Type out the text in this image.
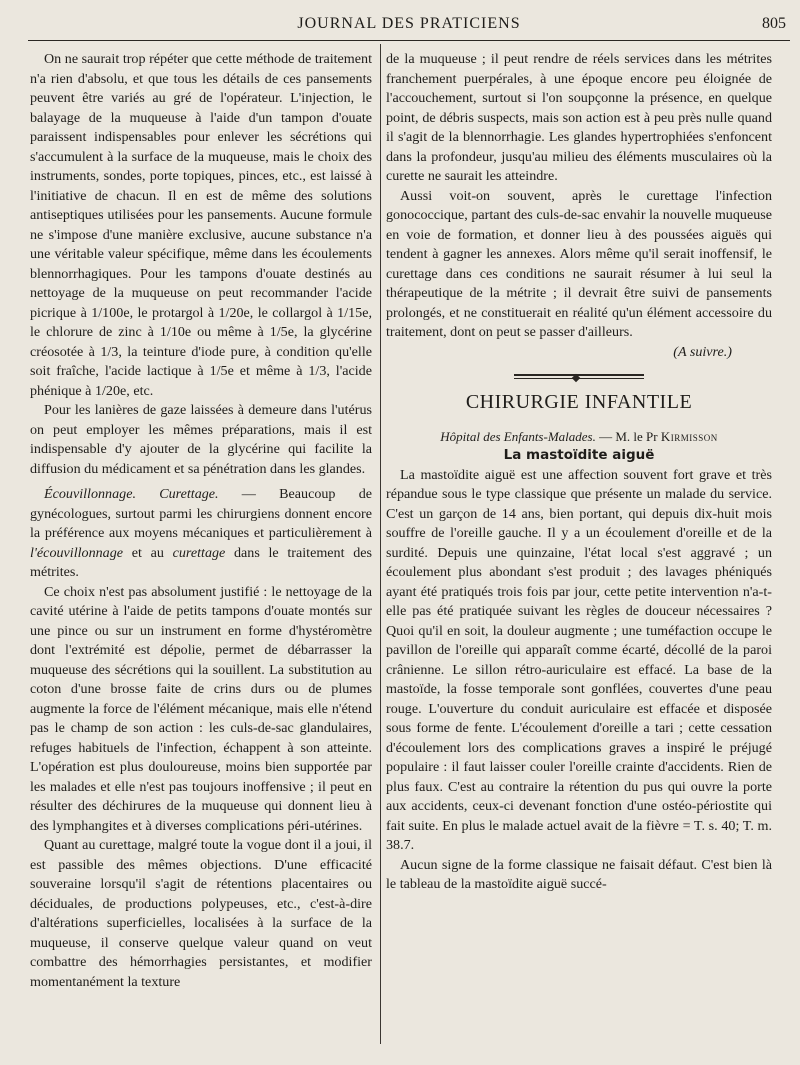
JOURNAL DES PRATICIENS	805

On ne saurait trop répéter que cette méthode de traitement n'a rien d'absolu, et que tous les détails de ces pansements peuvent être variés au gré de l'opérateur. L'injection, le balayage de la muqueuse à l'aide d'un tampon d'ouate paraissent indispensables pour enlever les sécrétions qui s'accumulent à la surface de la muqueuse, mais le choix des instruments, sondes, porte topiques, pinces, etc., est laissé à l'initiative de chacun. Il en est de même des solutions antiseptiques utilisées pour les pansements. Aucune formule ne s'impose d'une manière exclusive, aucune substance n'a une véritable valeur spécifique, même dans les écoulements blennorrhagiques. Pour les tampons d'ouate destinés au nettoyage de la muqueuse on peut recommander l'acide picrique à 1/100e, le protargol à 1/20e, le collargol à 1/15e, le chlorure de zinc à 1/10e ou même à 1/5e, la glycérine créosotée à 1/3, la teinture d'iode pure, à condition qu'elle soit fraîche, l'acide lactique à 1/5e et même à 1/3, l'acide phénique à 1/20e, etc.

Pour les lanières de gaze laissées à demeure dans l'utérus on peut employer les mêmes préparations, mais il est indispensable d'y ajouter de la glycérine qui facilite la diffusion du médicament et sa pénétration dans les glandes.

Écouvillonnage. Curettage. — Beaucoup de gynécologues, surtout parmi les chirurgiens donnent encore la préférence aux moyens mécaniques et particulièrement à l'écouvillonnage et au curettage dans le traitement des métrites.

Ce choix n'est pas absolument justifié : le nettoyage de la cavité utérine à l'aide de petits tampons d'ouate montés sur une pince ou sur un instrument en forme d'hystéromètre dont l'extrémité est dépolie, permet de débarrasser la muqueuse des sécrétions qui la souillent. La substitution au coton d'une brosse faite de crins durs ou de plumes augmente la force de l'élément mécanique, mais elle n'étend pas le champ de son action : les culs-de-sac glandulaires, refuges habituels de l'infection, échappent à son atteinte. L'opération est plus douloureuse, moins bien supportée par les malades et elle n'est pas toujours inoffensive ; il peut en résulter des déchirures de la muqueuse qui donnent lieu à des lymphangites et à diverses complications péri-utérines.

Quant au curettage, malgré toute la vogue dont il a joui, il est passible des mêmes objections. D'une efficacité souveraine lorsqu'il s'agit de rétentions placentaires ou déciduales, de productions polypeuses, etc., c'est-à-dire d'altérations superficielles, localisées à la surface de la muqueuse, il conserve quelque valeur quand on veut combattre des hémorrhagies persistantes, et modifier momentanément la texture

de la muqueuse ; il peut rendre de réels services dans les métrites franchement puerpérales, à une époque encore peu éloignée de l'accouchement, surtout si l'on soupçonne la présence, en quelque point, de débris suspects, mais son action est à peu près nulle quand il s'agit de la blennorrhagie. Les glandes hypertrophiées s'enfoncent dans la profondeur, jusqu'au milieu des éléments musculaires où la curette ne saurait les atteindre.

Aussi voit-on souvent, après le curettage l'infection gonococcique, partant des culs-de-sac envahir la nouvelle muqueuse en voie de formation, et donner lieu à des poussées aiguës qui tendent à gagner les annexes. Alors même qu'il serait inoffensif, le curettage dans ces conditions ne saurait résumer à lui seul la thérapeutique de la métrite ; il devrait être suivi de pansements prolongés, et ne constituerait en réalité qu'un élément accessoire du traitement, dont on peut se passer d'ailleurs.

(A suivre.)

CHIRURGIE INFANTILE

Hôpital des Enfants-Malades. — M. le Pr Kirmisson

La mastoïdite aiguë

La mastoïdite aiguë est une affection souvent fort grave et très répandue sous le type classique que présente un malade du service. C'est un garçon de 14 ans, bien portant, qui depuis dix-huit mois souffre de l'oreille gauche. Il y a un écoulement d'oreille et de la surdité. Depuis une quinzaine, l'état local s'est aggravé ; un écoulement plus abondant s'est produit ; des lavages phéniqués ayant été pratiqués trois fois par jour, cette petite intervention n'a-t-elle pas été pratiquée suivant les règles de douceur nécessaires ? Quoi qu'il en soit, la douleur augmente ; une tuméfaction occupe le pavillon de l'oreille qui apparaît comme écarté, décollé de la paroi crânienne. Le sillon rétro-auriculaire est effacé. La base de la mastoïde, la fosse temporale sont gonflées, couvertes d'une peau rouge. L'ouverture du conduit auriculaire est effacée et disposée sous forme de fente. L'écoulement d'oreille a tari ; cette cessation d'écoulement lors des complications graves a inspiré le préjugé populaire : il faut laisser couler l'oreille crainte d'accidents. Rien de plus faux. C'est au contraire la rétention du pus qui ouvre la porte aux accidents, ceux-ci devenant fonction d'une ostéo-périostite qui fait suite. En plus le malade actuel avait de la fièvre = T. s. 40; T. m. 38.7.

Aucun signe de la forme classique ne faisait défaut. C'est bien là le tableau de la mastoïdite aiguë succé-
